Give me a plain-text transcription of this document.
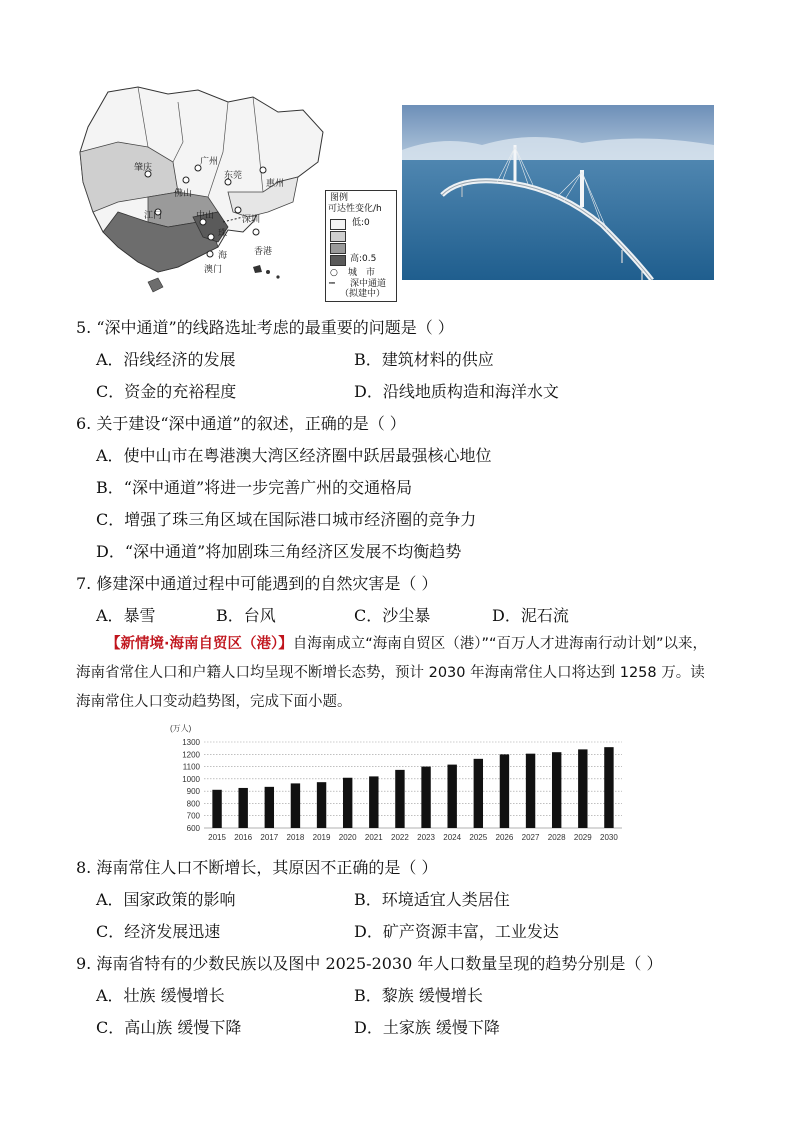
肇庆
广州
佛山
东莞
惠州
江门	中山	深圳
珠
海	香港
澳门
图例
可达性变化/h
低:0
高:0.5
○ 城　市
······· 深中通道
（拟建中）
5. “深中通道”的线路选址考虑的最重要的问题是（ ）
A．沿线经济的发展	B．建筑材料的供应
C．资金的充裕程度	D．沿线地质构造和海洋水文
6. 关于建设“深中通道”的叙述，正确的是（ ）
A．使中山市在粤港澳大湾区经济圈中跃居最强核心地位
B．“深中通道”将进一步完善广州的交通格局
C．增强了珠三角区域在国际港口城市经济圈的竞争力
D．“深中通道”将加剧珠三角经济区发展不均衡趋势
7. 修建深中通道过程中可能遇到的自然灾害是（ ）
A．暴雪	B．台风	C．沙尘暴	D．泥石流
【新情境·海南自贸区（港）】自海南成立“海南自贸区（港）”“百万人才进海南行动计划”以来，海南省常住人口和户籍人口均呈现不断增长态势，预计 2030 年海南常住人口将达到 1258 万。读海南常住人口变动趋势图，完成下面小题。
(万人)
600
700
800
900
1000
1100
1200
1300
2015 2016 2017 2018 2019 2020 2021 2022 2023 2024 2025 2026 2027 2028 2029 2030
8. 海南常住人口不断增长，其原因不正确的是（ ）
A．国家政策的影响	B．环境适宜人类居住
C．经济发展迅速	D．矿产资源丰富，工业发达
9. 海南省特有的少数民族以及图中 2025-2030 年人口数量呈现的趋势分别是（ ）
A．壮族 缓慢增长	B．黎族 缓慢增长
C．高山族 缓慢下降	D．土家族 缓慢下降
